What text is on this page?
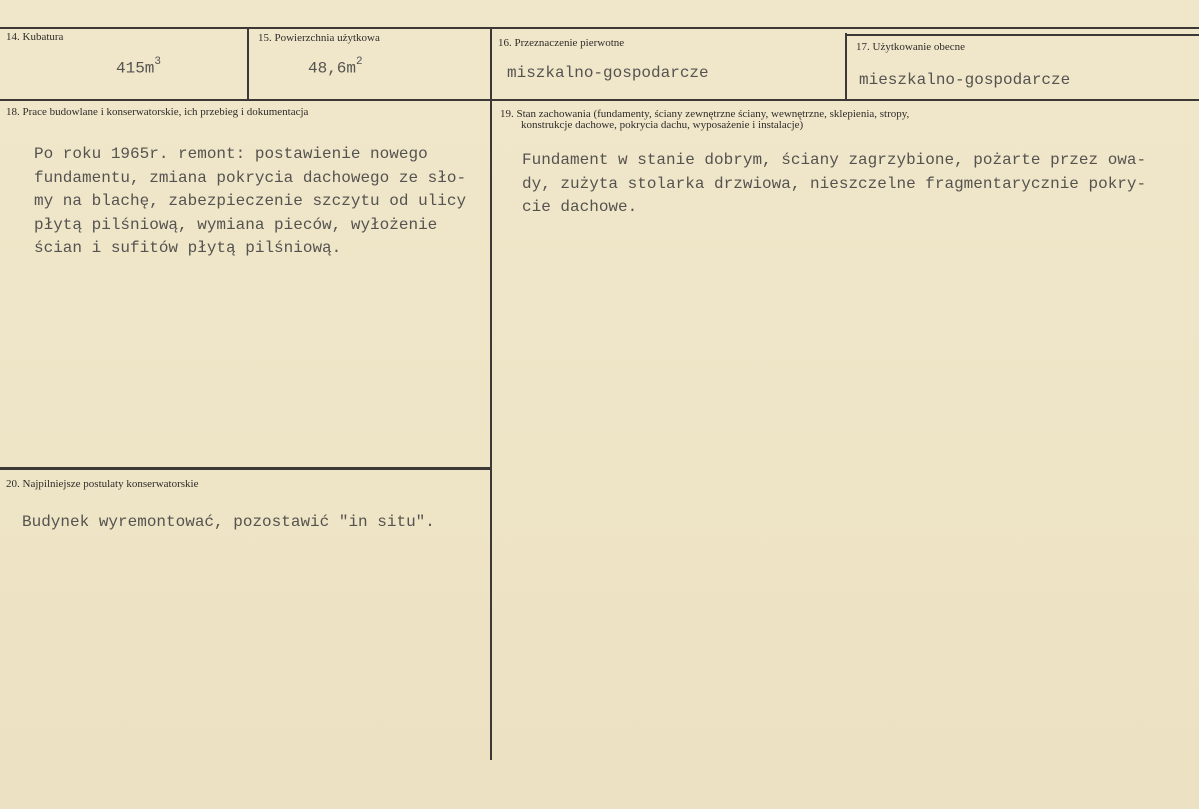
14. Kubatura
$415m^3$
15. Powierzchnia użytkowa
$48,6m^2$
16. Przeznaczenie pierwotne
miszkalno-gospodarcze
17. Użytkowanie obecne
mieszkalno-gospodarcze
18. Prace budowlane i konserwatorskie, ich przebieg i dokumentacja
Po roku 1965r. remont: postawienie nowego
fundamentu, zmiana pokrycia dachowego ze sło-
my na blachę, zabezpieczenie szczytu od ulicy
płytą pilśniową, wymiana pieców, wyłożenie
ścian i sufitów płytą pilśniową.
19. Stan zachowania (fundamenty, ściany zewnętrzne ściany, wewnętrzne, sklepienia, stropy,
konstrukcje dachowe, pokrycia dachu, wyposażenie i instalacje)
Fundament w stanie dobrym, ściany zagrzybione, pożarte przez owa-
dy, zużyta stolarka drzwiowa, nieszczelne fragmentarycznie pokry-
cie dachowe.
20. Najpilniejsze postulaty konserwatorskie
Budynek wyremontować, pozostawić "in situ".
